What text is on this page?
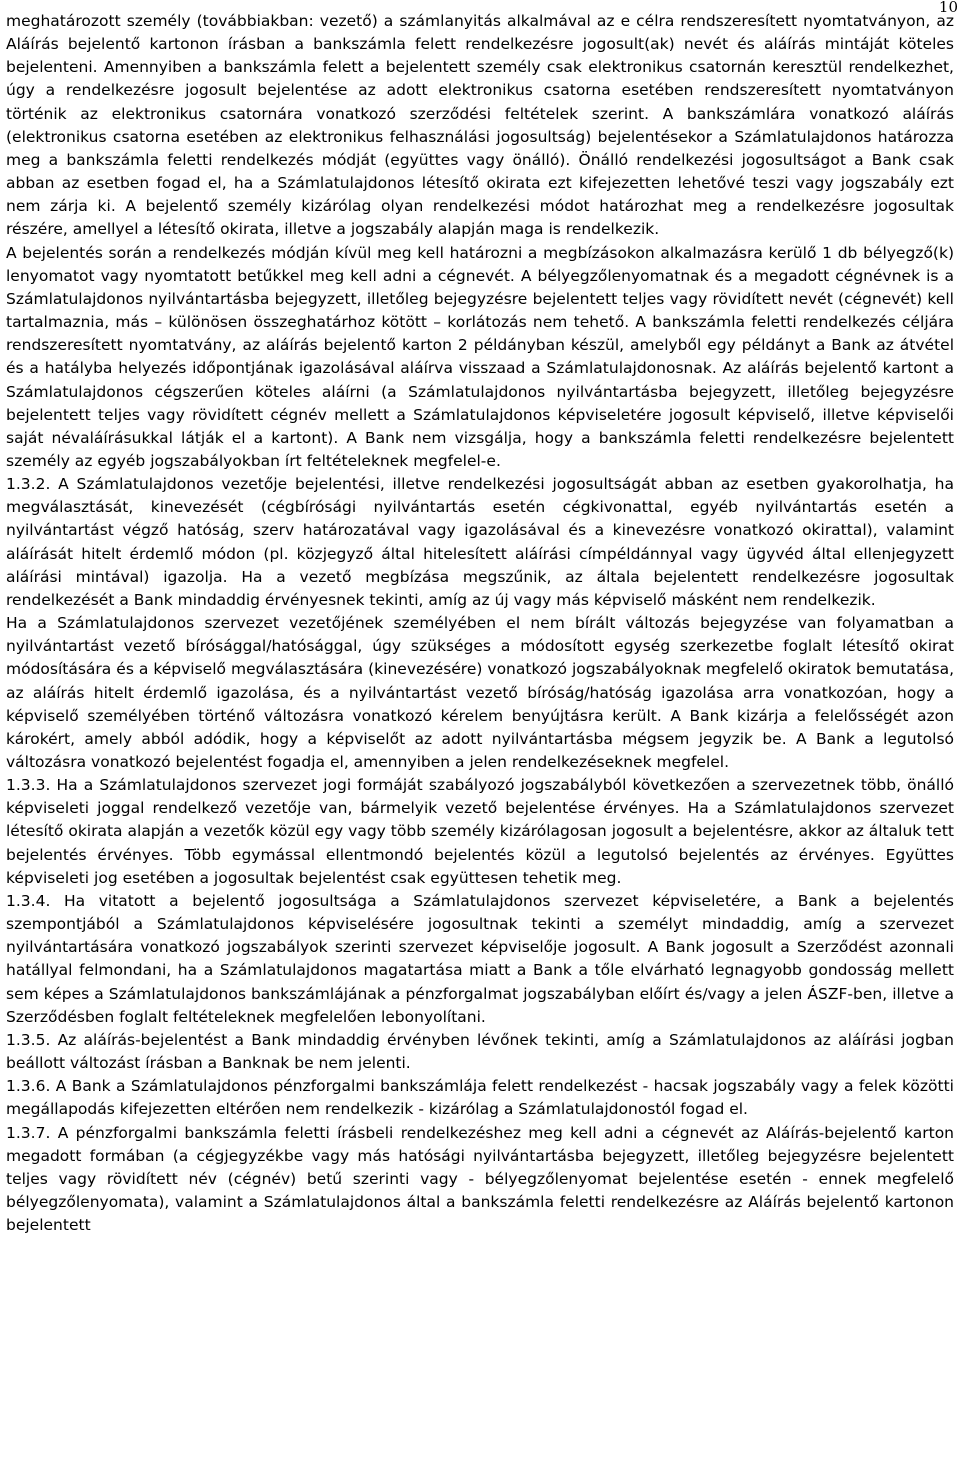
10

meghatározott személy (továbbiakban: vezető) a számlanyitás alkalmával az e célra rendszeresített nyomtatványon, az Aláírás bejelentő kartonon írásban a bankszámla felett rendelkezésre jogosult(ak) nevét és aláírás mintáját köteles bejelenteni. Amennyiben a bankszámla felett a bejelentett személy csak elektronikus csatornán keresztül rendelkezhet, úgy a rendelkezésre jogosult bejelentése az adott elektronikus csatorna esetében rendszeresített nyomtatványon történik az elektronikus csatornára vonatkozó szerződési feltételek szerint. A bankszámlára vonatkozó aláírás (elektronikus csatorna esetében az elektronikus felhasználási jogosultság) bejelentésekor a Számlatulajdonos határozza meg a bankszámla feletti rendelkezés módját (együttes vagy önálló). Önálló rendelkezési jogosultságot a Bank csak abban az esetben fogad el, ha a Számlatulajdonos létesítő okirata ezt kifejezetten lehetővé teszi vagy jogszabály ezt nem zárja ki. A bejelentő személy kizárólag olyan rendelkezési módot határozhat meg a rendelkezésre jogosultak részére, amellyel a létesítő okirata, illetve a jogszabály alapján maga is rendelkezik.

A bejelentés során a rendelkezés módján kívül meg kell határozni a megbízásokon alkalmazásra kerülő 1 db bélyegző(k) lenyomatot vagy nyomtatott betűkkel meg kell adni a cégnevét. A bélyegzőlenyomatnak és a megadott cégnévnek is a Számlatulajdonos nyilvántartásba bejegyzett, illetőleg bejegyzésre bejelentett teljes vagy rövidített nevét (cégnevét) kell tartalmaznia, más – különösen összeghatárhoz kötött – korlátozás nem tehető. A bankszámla feletti rendelkezés céljára rendszeresített nyomtatvány, az aláírás bejelentő karton 2 példányban készül, amelyből egy példányt a Bank az átvétel és a hatályba helyezés időpontjának igazolásával aláírva visszaad a Számlatulajdonosnak. Az aláírás bejelentő kartont a Számlatulajdonos cégszerűen köteles aláírni (a Számlatulajdonos nyilvántartásba bejegyzett, illetőleg bejegyzésre bejelentett teljes vagy rövidített cégnév mellett a Számlatulajdonos képviseletére jogosult képviselő, illetve képviselői saját névaláírásukkal látják el a kartont). A Bank nem vizsgálja, hogy a bankszámla feletti rendelkezésre bejelentett személy az egyéb jogszabályokban írt feltételeknek megfelel-e.

1.3.2. A Számlatulajdonos vezetője bejelentési, illetve rendelkezési jogosultságát abban az esetben gyakorolhatja, ha megválasztását, kinevezését (cégbírósági nyilvántartás esetén cégkivonattal, egyéb nyilvántartás esetén a nyilvántartást végző hatóság, szerv határozatával vagy igazolásával és a kinevezésre vonatkozó okirattal), valamint aláírását hitelt érdemlő módon (pl. közjegyző által hitelesített aláírási címpéldánnyal vagy ügyvéd által ellenjegyzett aláírási mintával) igazolja. Ha a vezető megbízása megszűnik, az általa bejelentett rendelkezésre jogosultak rendelkezését a Bank mindaddig érvényesnek tekinti, amíg az új vagy más képviselő másként nem rendelkezik.

Ha a Számlatulajdonos szervezet vezetőjének személyében el nem bírált változás bejegyzése van folyamatban a nyilvántartást vezető bírósággal/hatósággal, úgy szükséges a módosított egység szerkezetbe foglalt létesítő okirat módosítására és a képviselő megválasztására (kinevezésére) vonatkozó jogszabályoknak megfelelő okiratok bemutatása, az aláírás hitelt érdemlő igazolása, és a nyilvántartást vezető bíróság/hatóság igazolása arra vonatkozóan, hogy a képviselő személyében történő változásra vonatkozó kérelem benyújtásra került. A Bank kizárja a felelősségét azon károkért, amely abból adódik, hogy a képviselőt az adott nyilvántartásba mégsem jegyzik be. A Bank a legutolsó változásra vonatkozó bejelentést fogadja el, amennyiben a jelen rendelkezéseknek megfelel.

1.3.3. Ha a Számlatulajdonos szervezet jogi formáját szabályozó jogszabályból következően a szervezetnek több, önálló képviseleti joggal rendelkező vezetője van, bármelyik vezető bejelentése érvényes. Ha a Számlatulajdonos szervezet létesítő okirata alapján a vezetők közül egy vagy több személy kizárólagosan jogosult a bejelentésre, akkor az általuk tett bejelentés érvényes. Több egymással ellentmondó bejelentés közül a legutolsó bejelentés az érvényes. Együttes képviseleti jog esetében a jogosultak bejelentést csak együttesen tehetik meg.

1.3.4. Ha vitatott a bejelentő jogosultsága a Számlatulajdonos szervezet képviseletére, a Bank a bejelentés szempontjából a Számlatulajdonos képviselésére jogosultnak tekinti a személyt mindaddig, amíg a szervezet nyilvántartására vonatkozó jogszabályok szerinti szervezet képviselője jogosult. A Bank jogosult a Szerződést azonnali hatállyal felmondani, ha a Számlatulajdonos magatartása miatt a Bank a tőle elvárható legnagyobb gondosság mellett sem képes a Számlatulajdonos bankszámlájának a pénzforgalmat jogszabályban előírt és/vagy a jelen ÁSZF-ben, illetve a Szerződésben foglalt feltételeknek megfelelően lebonyolítani.

1.3.5. Az aláírás-bejelentést a Bank mindaddig érvényben lévőnek tekinti, amíg a Számlatulajdonos az aláírási jogban beállott változást írásban a Banknak be nem jelenti.

1.3.6. A Bank a Számlatulajdonos pénzforgalmi bankszámlája felett rendelkezést - hacsak jogszabály vagy a felek közötti megállapodás kifejezetten eltérően nem rendelkezik - kizárólag a Számlatulajdonostól fogad el.

1.3.7. A pénzforgalmi bankszámla feletti írásbeli rendelkezéshez meg kell adni a cégnevét az Aláírás-bejelentő karton megadott formában (a cégjegyzékbe vagy más hatósági nyilvántartásba bejegyzett, illetőleg bejegyzésre bejelentett teljes vagy rövidített név (cégnév) betű szerinti vagy - bélyegzőlenyomat bejelentése esetén - ennek megfelelő bélyegzőlenyomata), valamint a Számlatulajdonos által a bankszámla feletti rendelkezésre az Aláírás bejelentő kartonon bejelentett
